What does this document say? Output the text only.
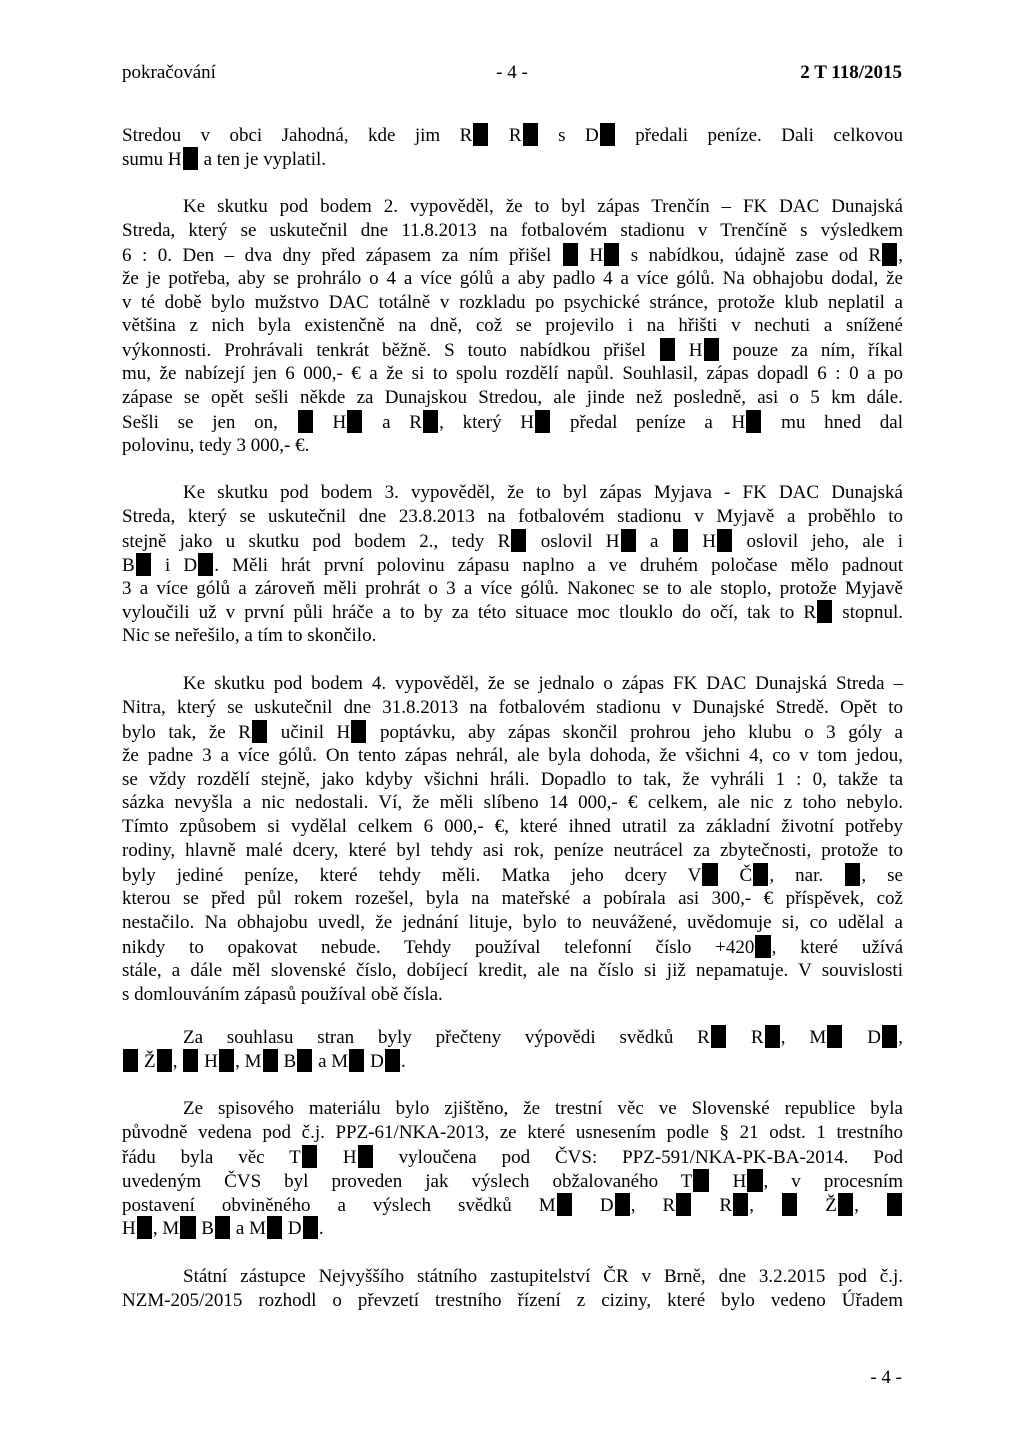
pokračování	- 4 -	2 T 118/2015
Stredou v obci Jahodná, kde jim R R s D předali peníze. Dali celkovou
sumu H a ten je vyplatil.
Ke skutku pod bodem 2. vypověděl, že to byl zápas Trenčín – FK DAC Dunajská
Streda, který se uskutečnil dne 11.8.2013 na fotbalovém stadionu v Trenčíně s výsledkem
6 : 0. Den – dva dny před zápasem za ním přišel  H s nabídkou, údajně zase od R ,
že je potřeba, aby se prohrálo o 4 a více gólů a aby padlo 4 a více gólů. Na obhajobu dodal, že
v té době bylo mužstvo DAC totálně v rozkladu po psychické stránce, protože klub neplatil a
většina z nich byla existenčně na dně, což se projevilo i na hřišti v nechuti a snížené
výkonnosti. Prohrávali tenkrát běžně. S touto nabídkou přišel  H pouze za ním, říkal
mu, že nabízejí jen 6 000,- € a že si to spolu rozdělí napůl. Souhlasil, zápas dopadl 6 : 0 a po
zápase se opět sešli někde za Dunajskou Stredou, ale jinde než posledně, asi o 5 km dále.
Sešli se jen on,  H a R , který H předal peníze a H mu hned dal
polovinu, tedy 3 000,- €.
Ke skutku pod bodem 3. vypověděl, že to byl zápas Myjava - FK DAC Dunajská
Streda, který se uskutečnil dne 23.8.2013 na fotbalovém stadionu v Myjavě a proběhlo to
stejně jako u skutku pod bodem 2., tedy R oslovil H a  H oslovil jeho, ale i
B i D . Měli hrát první polovinu zápasu naplno a ve druhém poločase mělo padnout
3 a více gólů a zároveň měli prohrát o 3 a více gólů. Nakonec se to ale stoplo, protože Myjavě
vyloučili už v první půli hráče a to by za této situace moc tlouklo do očí, tak to R stopnul.
Nic se neřešilo, a tím to skončilo.
Ke skutku pod bodem 4. vypověděl, že se jednalo o zápas FK DAC Dunajská Streda –
Nitra, který se uskutečnil dne 31.8.2013 na fotbalovém stadionu v Dunajské Stredě. Opět to
bylo tak, že R učinil H poptávku, aby zápas skončil prohrou jeho klubu o 3 góly a
že padne 3 a více gólů. On tento zápas nehrál, ale byla dohoda, že všichni 4, co v tom jedou,
se vždy rozdělí stejně, jako kdyby všichni hráli. Dopadlo to tak, že vyhráli 1 : 0, takže ta
sázka nevyšla a nic nedostali. Ví, že měli slíbeno 14 000,- € celkem, ale nic z toho nebylo.
Tímto způsobem si vydělal celkem 6 000,- €, které ihned utratil za základní životní potřeby
rodiny, hlavně malé dcery, které byl tehdy asi rok, peníze neutrácel za zbytečnosti, protože to
byly jediné peníze, které tehdy měli. Matka jeho dcery V Č , nar. , se
kterou se před půl rokem rozešel, byla na mateřské a pobírala asi 300,- € příspěvek, což
nestačilo. Na obhajobu uvedl, že jednání lituje, bylo to neuvážené, uvědomuje si, co udělal a
nikdy to opakovat nebude. Tehdy používal telefonní číslo +420 , které užívá
stále, a dále měl slovenské číslo, dobíjecí kredit, ale na číslo si již nepamatuje. V souvislosti
s domlouváním zápasů používal obě čísla.
Za souhlasu stran byly přečteny výpovědi svědků R R , M D ,
Ž ,  H , M B a M D .
Ze spisového materiálu bylo zjištěno, že trestní věc ve Slovenské republice byla
původně vedena pod č.j. PPZ-61/NKA-2013, ze které usnesením podle § 21 odst. 1 trestního
řádu byla věc T H vyloučena pod ČVS: PPZ-591/NKA-PK-BA-2014. Pod
uvedeným ČVS byl proveden jak výslech obžalovaného T H , v procesním
postavení obviněného a výslech svědků M D , R R ,  Ž ,
H , M B a M D .
Státní zástupce Nejvyššího státního zastupitelství ČR v Brně, dne 3.2.2015 pod č.j.
NZM-205/2015 rozhodl o převzetí trestního řízení z ciziny, které bylo vedeno Úřadem
- 4 -
